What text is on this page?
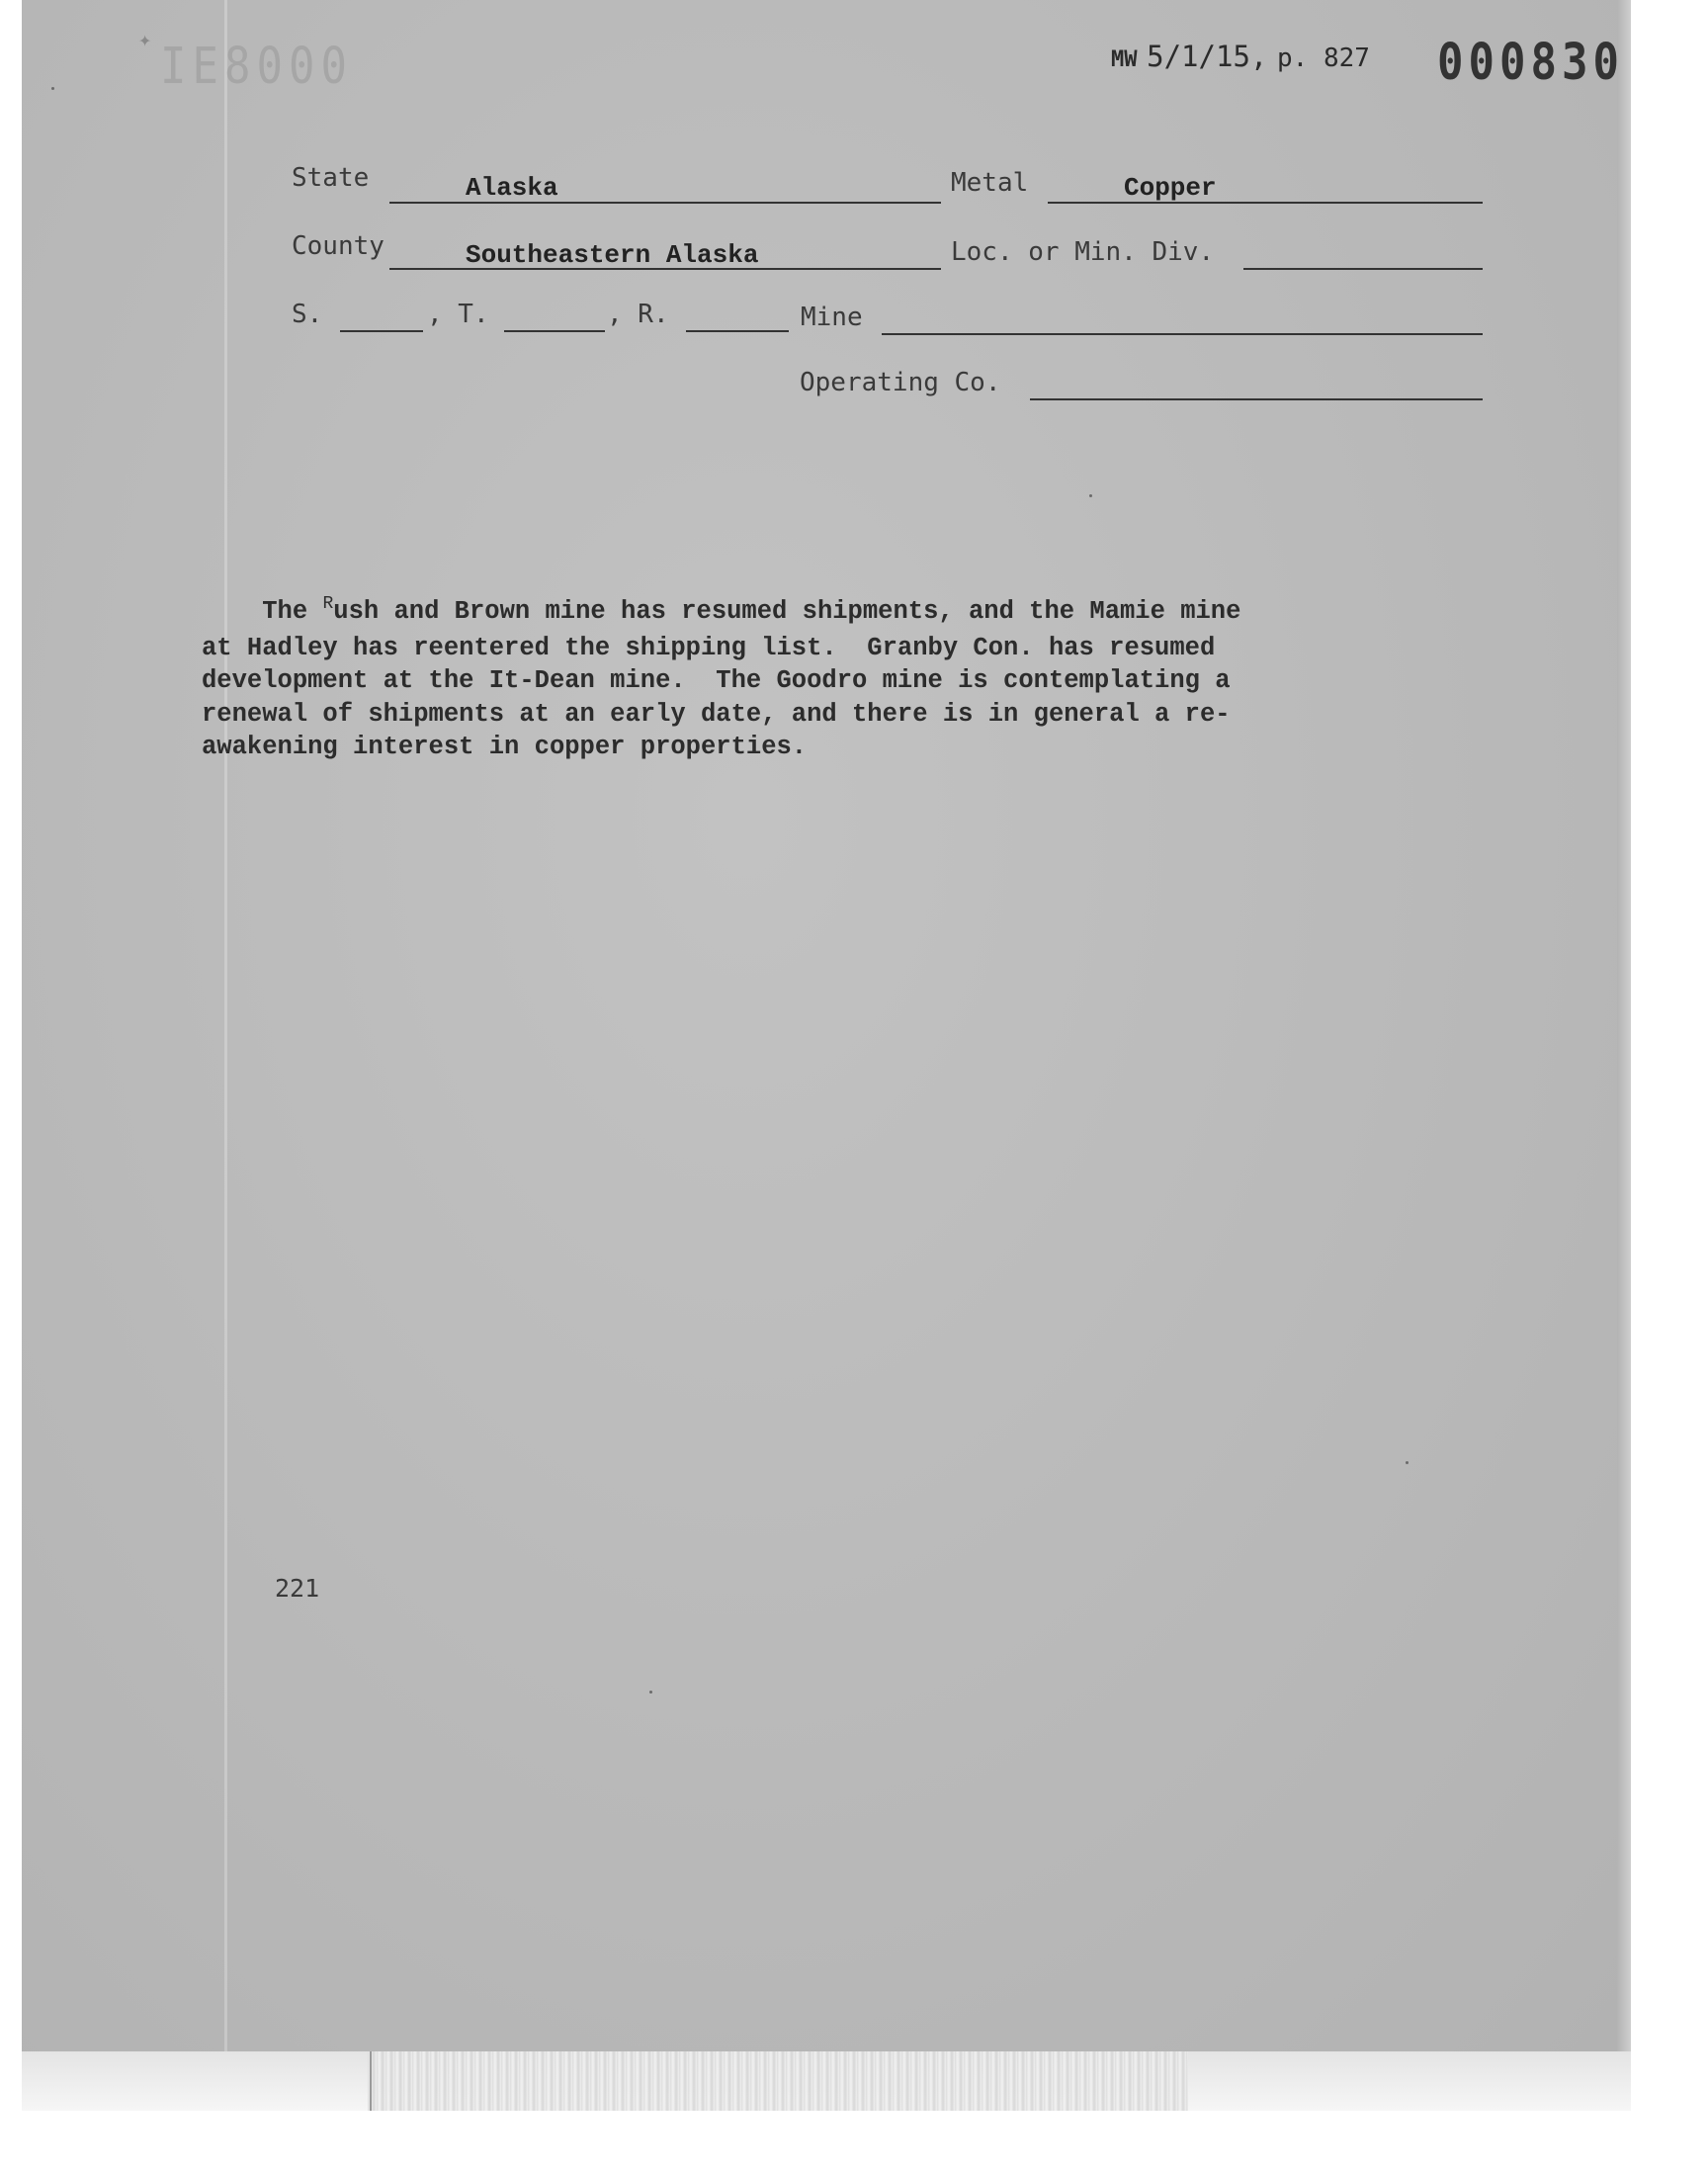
✦ IE8000	MW 5/1/15, p. 827 000830
State	Alaska	Metal	Copper
County	Southeastern Alaska	Loc. or Min. Div.
S.	, T.	, R.	Mine
Operating Co.
The $^R$ush and Brown mine has resumed shipments, and the Mamie mine
at Hadley has reentered the shipping list.  Granby Con. has resumed
development at the It-Dean mine.  The Goodro mine is contemplating a
renewal of shipments at an early date, and there is in general a re-
awakening interest in copper properties.
221
